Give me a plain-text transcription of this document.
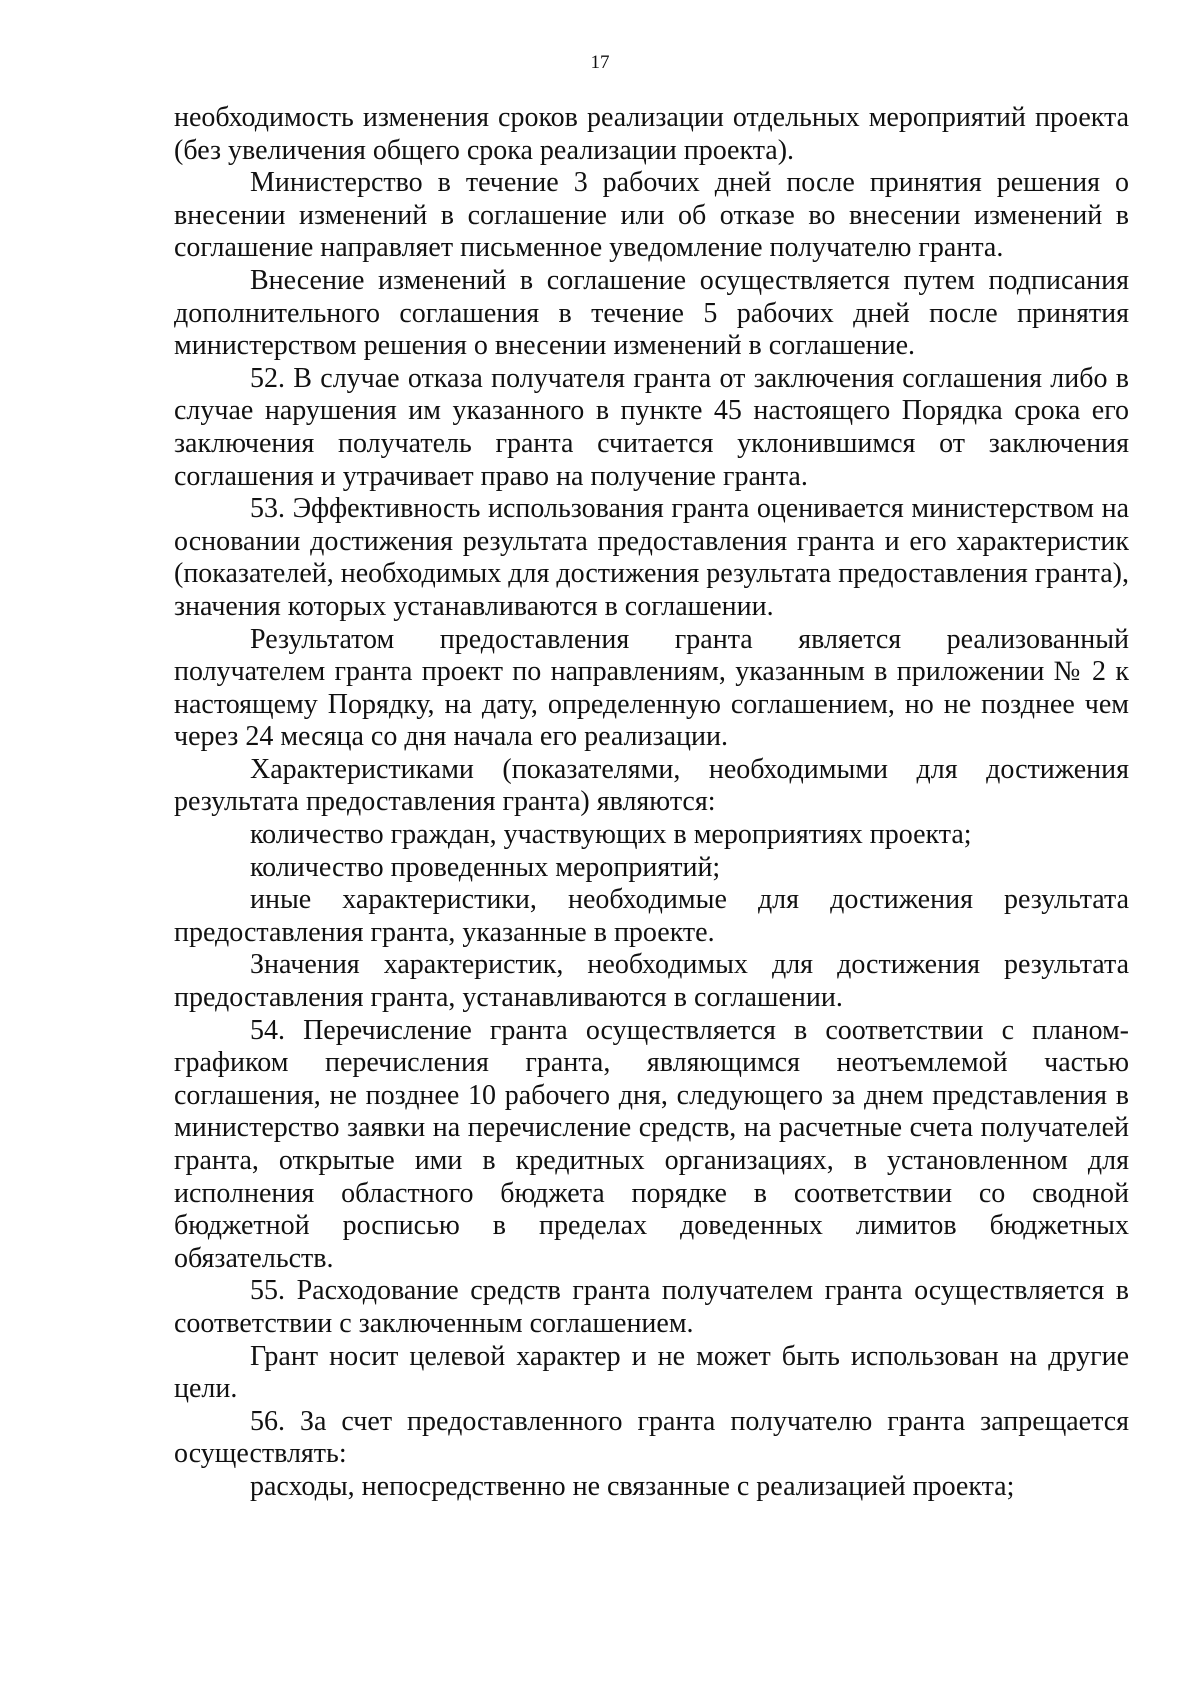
17

необходимость изменения сроков реализации отдельных мероприятий проекта (без увеличения общего срока реализации проекта).

Министерство в течение 3 рабочих дней после принятия решения о внесении изменений в соглашение или об отказе во внесении изменений в соглашение направляет письменное уведомление получателю гранта.

Внесение изменений в соглашение осуществляется путем подписания дополнительного соглашения в течение 5 рабочих дней после принятия министерством решения о внесении изменений в соглашение.

52. В случае отказа получателя гранта от заключения соглашения либо в случае нарушения им указанного в пункте 45 настоящего Порядка срока его заключения получатель гранта считается уклонившимся от заключения соглашения и утрачивает право на получение гранта.

53. Эффективность использования гранта оценивается министерством на основании достижения результата предоставления гранта и его характеристик (показателей, необходимых для достижения результата предоставления гранта), значения которых устанавливаются в соглашении.

Результатом предоставления гранта является реализованный получателем гранта проект по направлениям, указанным в приложении № 2 к настоящему Порядку, на дату, определенную соглашением, но не позднее чем через 24 месяца со дня начала его реализации.

Характеристиками (показателями, необходимыми для достижения результата предоставления гранта) являются:

количество граждан, участвующих в мероприятиях проекта;

количество проведенных мероприятий;

иные характеристики, необходимые для достижения результата предоставления гранта, указанные в проекте.

Значения характеристик, необходимых для достижения результата предоставления гранта, устанавливаются в соглашении.

54. Перечисление гранта осуществляется в соответствии с планом-графиком перечисления гранта, являющимся неотъемлемой частью соглашения, не позднее 10 рабочего дня, следующего за днем представления в министерство заявки на перечисление средств, на расчетные счета получателей гранта, открытые ими в кредитных организациях, в установленном для исполнения областного бюджета порядке в соответствии со сводной бюджетной росписью в пределах доведенных лимитов бюджетных обязательств.

55. Расходование средств гранта получателем гранта осуществляется в соответствии с заключенным соглашением.

Грант носит целевой характер и не может быть использован на другие цели.

56. За счет предоставленного гранта получателю гранта запрещается осуществлять:

расходы, непосредственно не связанные с реализацией проекта;
